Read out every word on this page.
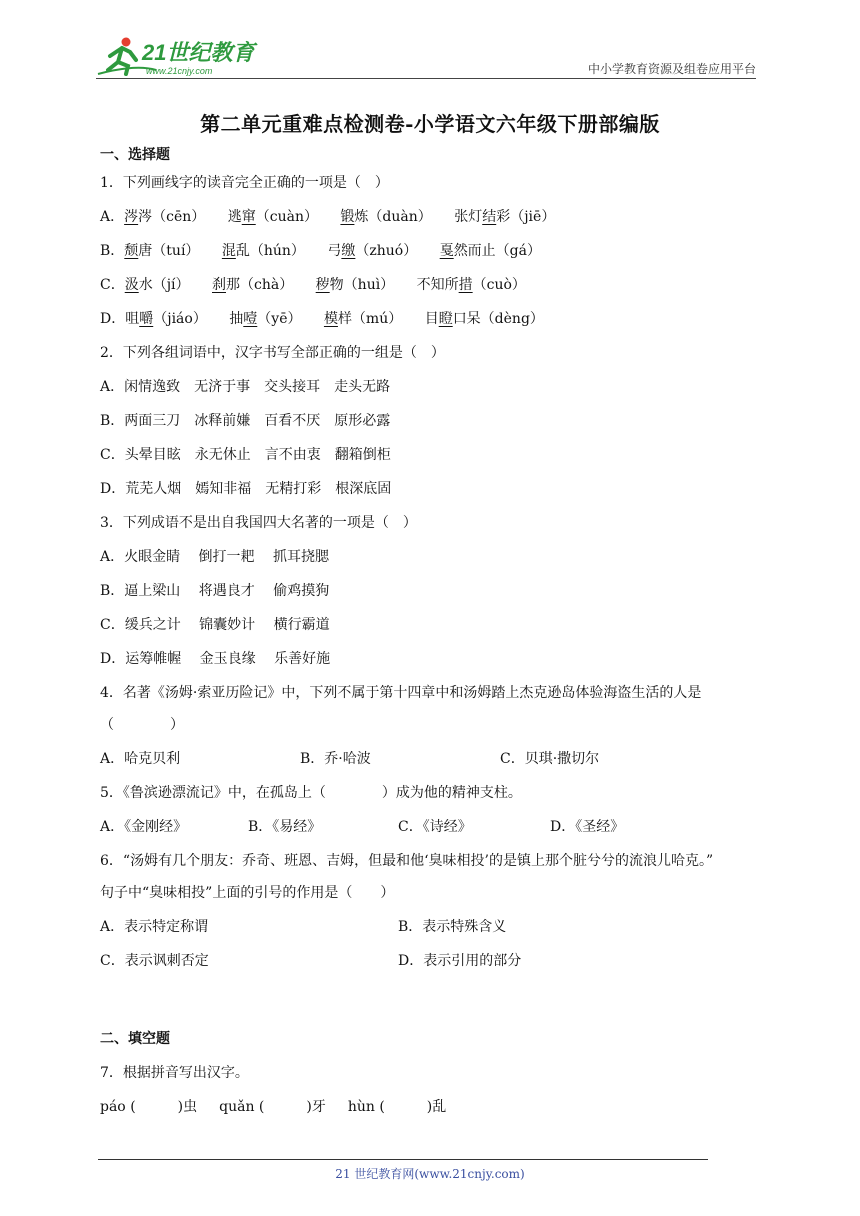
21世纪教育
www.21cnjy.com	中小学教育资源及组卷应用平台
第二单元重难点检测卷-小学语文六年级下册部编版
一、选择题
1．下列画线字的读音完全正确的一项是（　）
A．涔涔（cēn） 逃窜（cuàn） 锻炼（duàn） 张灯结彩（jiē）
B．颓唐（tuí） 混乱（hún） 弓缴（zhuó） 戛然而止（gá）
C．汲水（jí） 刹那（chà） 秽物（huì） 不知所措（cuò）
D．咀嚼（jiáo） 抽噎（yē） 模样（mú） 目瞪口呆（dèng）
2．下列各组词语中，汉字书写全部正确的一组是（　）
A．闲情逸致　无济于事　交头接耳　走头无路
B．两面三刀　冰释前嫌　百看不厌　原形必露
C．头晕目眩　永无休止　言不由衷　翻箱倒柜
D．荒芜人烟　嫣知非福　无精打彩　根深底固
3．下列成语不是出自我国四大名著的一项是（　）
A．火眼金睛　 倒打一耙　 抓耳挠腮
B．逼上梁山　 将遇良才　 偷鸡摸狗
C．缓兵之计　 锦囊妙计　 横行霸道
D．运筹帷幄　 金玉良缘　 乐善好施
4．名著《汤姆·索亚历险记》中，下列不属于第十四章中和汤姆踏上杰克逊岛体验海盗生活的人是
（　　　　）
A．哈克贝利	B．乔·哈波	C．贝琪·撒切尔
5．《鲁滨逊漂流记》中，在孤岛上（　　　　）成为他的精神支柱。
A．《金刚经》	B．《易经》	C．《诗经》	D．《圣经》
6．“汤姆有几个朋友：乔奇、班恩、吉姆，但最和他‘臭味相投’的是镇上那个脏兮兮的流浪儿哈克。”
句子中“臭味相投”上面的引号的作用是（　　）
A．表示特定称谓	B．表示特殊含义
C．表示讽刺否定	D．表示引用的部分
二、填空题
7．根据拼音写出汉字。
páo (　　　)虫 quǎn (　　　)牙 hùn (　　　)乱
21 世纪教育网(www.21cnjy.com)
